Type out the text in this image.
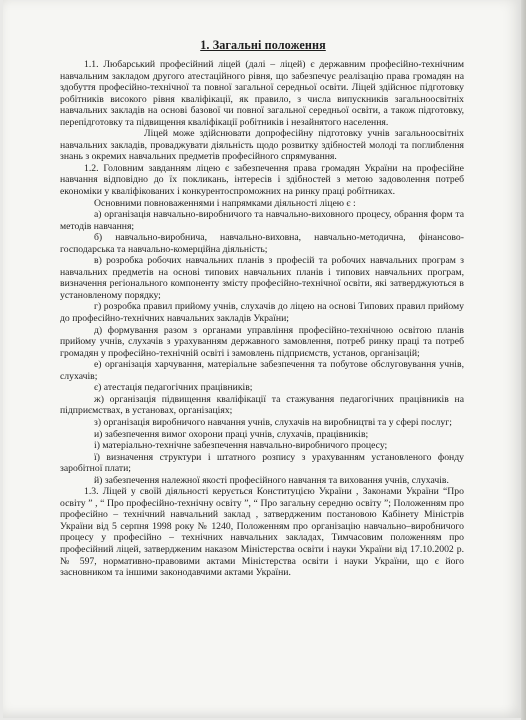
1. Загальні положення

1.1. Любарський професійний ліцей (далі – ліцей) є державним професійно-технічним навчальним закладом другого атестаційного рівня, що забезпечує реалізацію права громадян на здобуття професійно-технічної та повної загальної середньої освіти. Ліцей здійснює підготовку робітників високого рівня кваліфікації, як правило, з числа випускників загальноосвітніх навчальних закладів на основі базової чи повної загальної середньої освіти, а також підготовку, перепідготовку та підвищення кваліфікації робітників і незайнятого населення.

Ліцей може здійснювати допрофесійну підготовку учнів загальноосвітніх навчальних закладів, проваджувати діяльність щодо розвитку здібностей молоді та поглиблення знань з окремих навчальних предметів професійного спрямування.

1.2. Головним завданням ліцею є забезпечення права громадян України на професійне навчання відповідно до їх покликань, інтересів і здібностей з метою задоволення потреб економіки у кваліфікованих і конкурентоспроможних на ринку праці робітниках.

Основними повноваженнями і напрямками діяльності ліцею є :

а) організація навчально-виробничого та навчально-виховного процесу, обрання форм та методів навчання;

б) навчально-виробнича, навчально-виховна, навчально-методична, фінансово-господарська та навчально-комерційна діяльність;

в) розробка робочих навчальних планів з професій та робочих навчальних програм з навчальних предметів на основі типових навчальних планів і типових навчальних програм, визначення регіонального компоненту змісту професійно-технічної освіти, які затверджуються в установленому порядку;

г) розробка правил прийому учнів, слухачів до ліцею на основі Типових правил прийому до професійно-технічних навчальних закладів України;

д) формування разом з органами управління професійно-технічною освітою планів прийому учнів, слухачів з урахуванням державного замовлення, потреб ринку праці та потреб громадян у професійно-технічній освіті і замовлень підприємств, установ, організацій;

е) організація харчування, матеріальне забезпечення та побутове обслуговування учнів, слухачів;

є) атестація педагогічних працівників;

ж) організація підвищення кваліфікації та стажування педагогічних працівників на підприємствах, в установах, організаціях;

з) організація виробничого навчання учнів, слухачів на виробництві та у сфері послуг;

и) забезпечення вимог охорони праці учнів, слухачів, працівників;

і) матеріально-технічне забезпечення навчально-виробничого процесу;

ї) визначення структури і штатного розпису з урахуванням установленого фонду заробітної плати;

й) забезпечення належної якості професійного навчання та виховання учнів, слухачів.

1.3. Ліцей у своїй діяльності керується Конституцією України , Законами України “Про освіту ” , “ Про професійно-технічну освіту ”, “ Про загальну середню освіту ”; Положенням про професійно – технічний навчальний заклад , затвердженим постановою Кабінету Міністрів України від 5 серпня 1998 року № 1240, Положенням про організацію навчально–виробничого процесу у професійно – технічних навчальних закладах, Тимчасовим положенням про професійний ліцей, затвердженим наказом Міністерства освіти і науки України від 17.10.2002 р. № 597, нормативно-правовими актами Міністерства освіти і науки України, що є його засновником та іншими законодавчими актами України.
